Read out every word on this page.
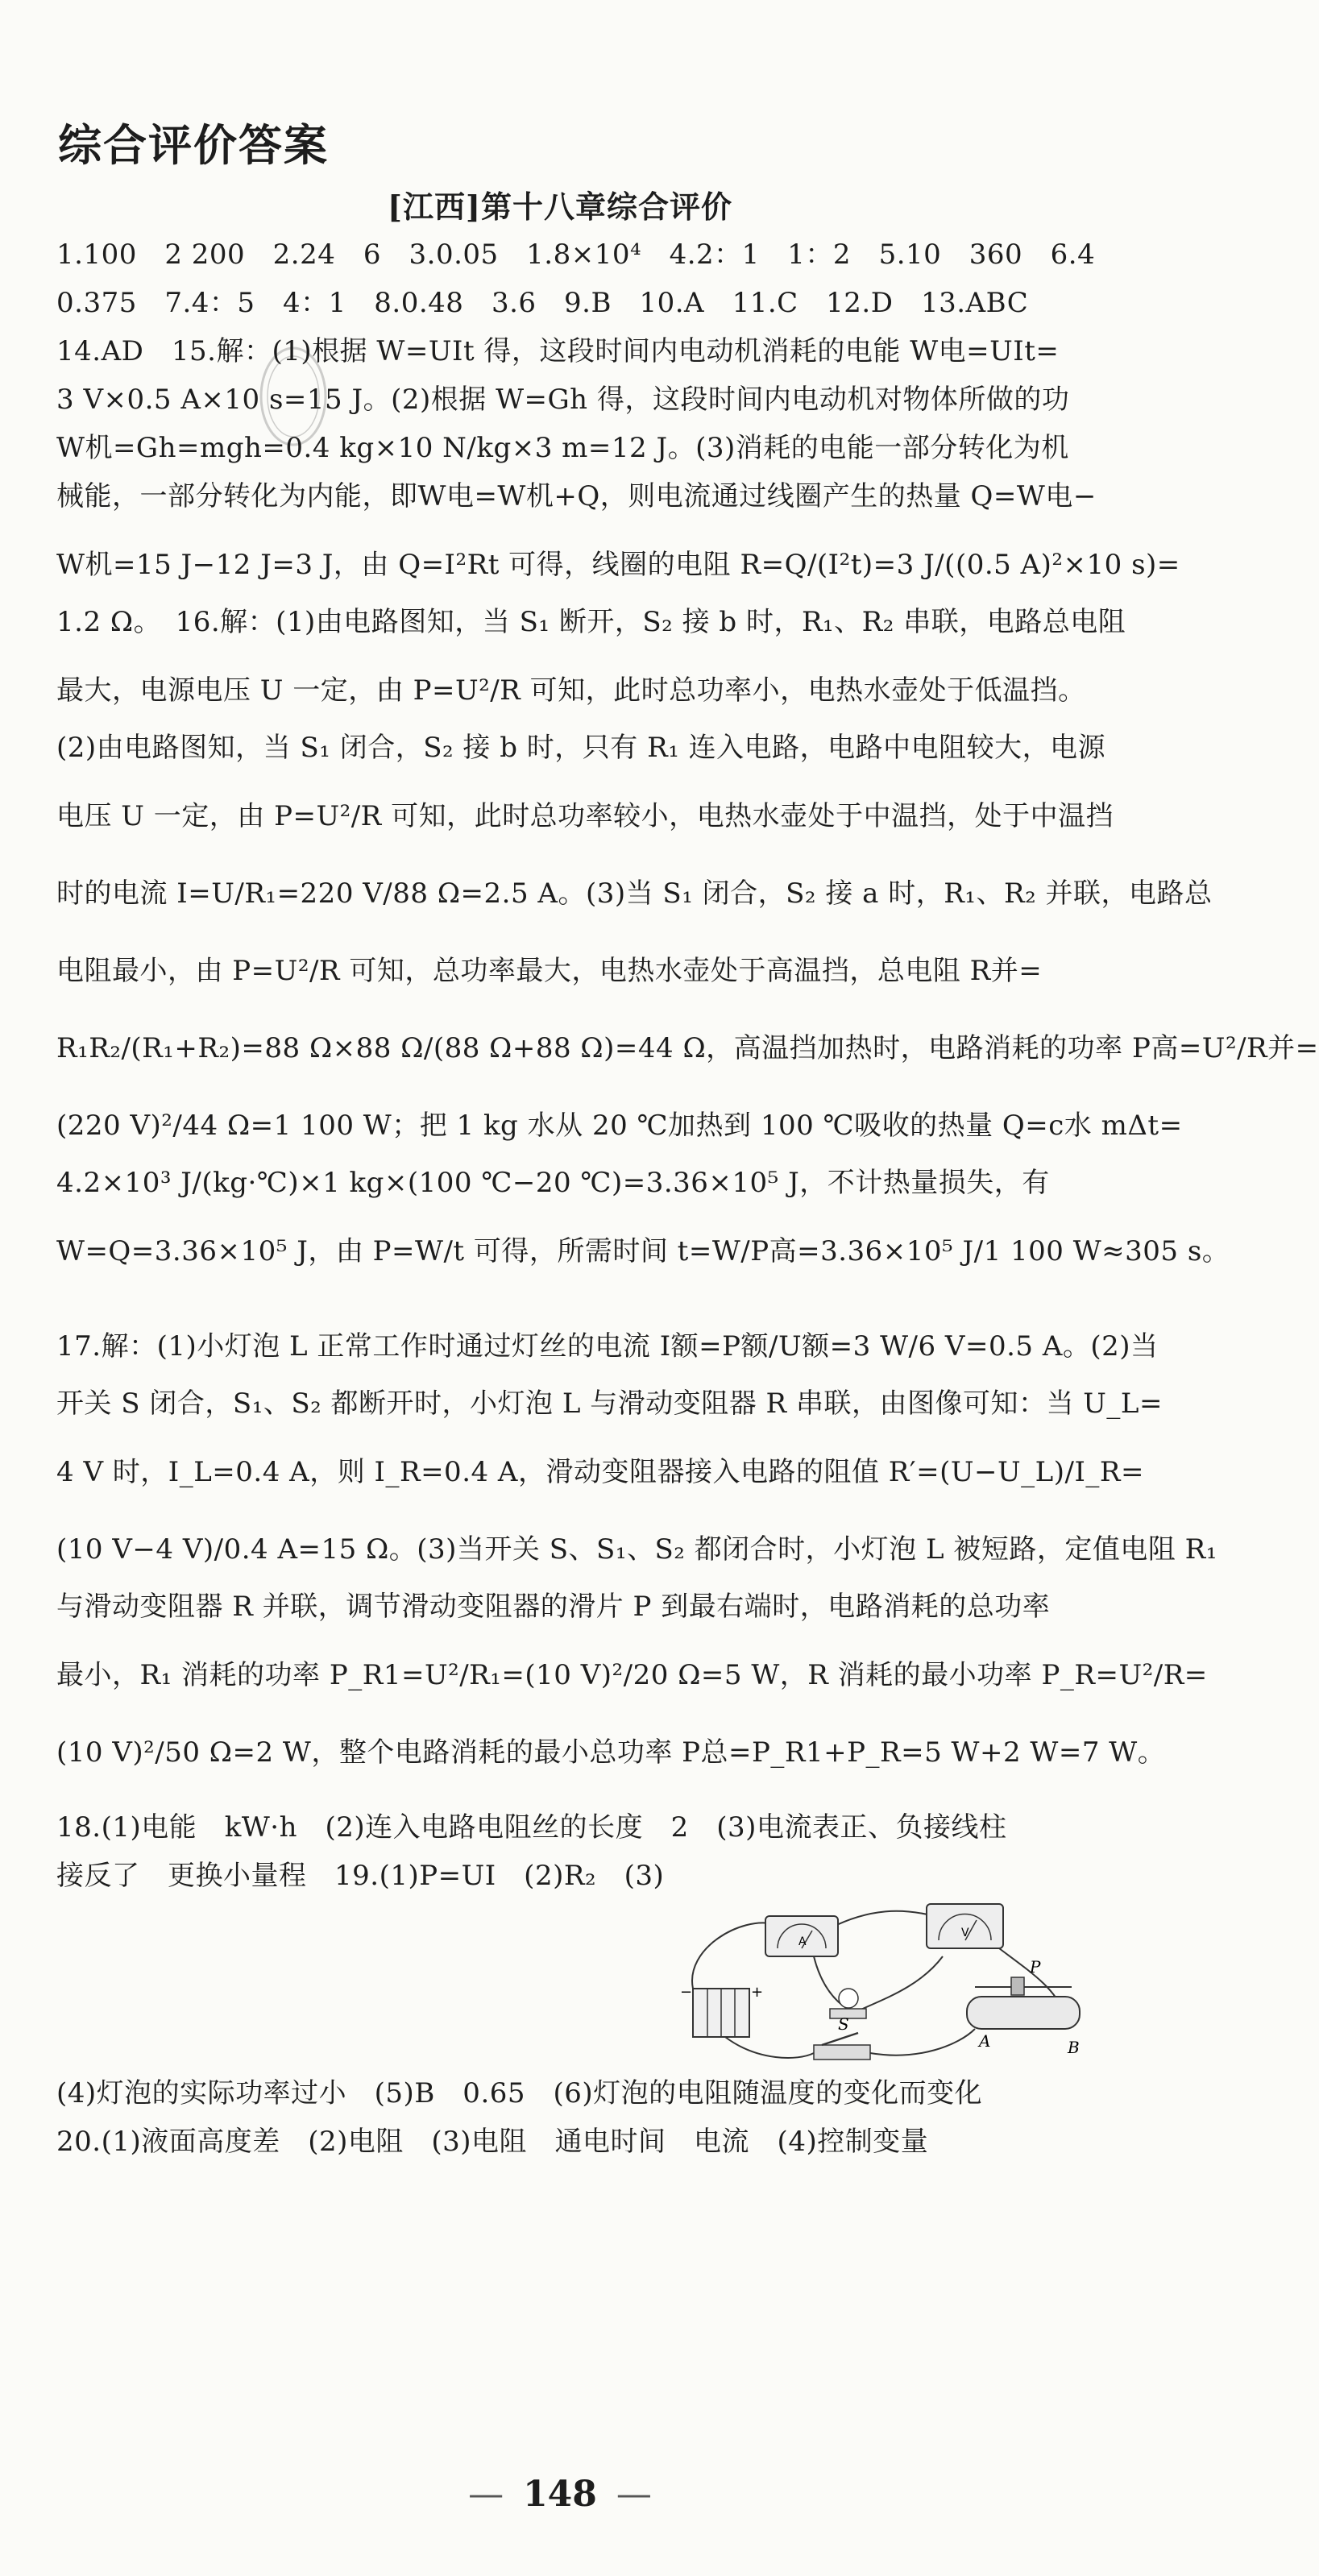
综合评价答案
[江西]第十八章综合评价
1.100　2 200　2.24　6　3.0.05　1.8×10⁴　4.2：1　1：2　5.10　360　6.4
0.375　7.4：5　4：1　8.0.48　3.6　9.B　10.A　11.C　12.D　13.ABC
14.AD　15.解：(1)根据 W=UIt 得，这段时间内电动机消耗的电能 W电=UIt=
3 V×0.5 A×10 s=15 J。(2)根据 W=Gh 得，这段时间内电动机对物体所做的功
W机=Gh=mgh=0.4 kg×10 N/kg×3 m=12 J。(3)消耗的电能一部分转化为机
械能，一部分转化为内能，即W电=W机+Q，则电流通过线圈产生的热量 Q=W电−
W机=15 J−12 J=3 J，由 Q=I²Rt 可得，线圈的电阻 R=Q/(I²t)=3 J/((0.5 A)²×10 s)=
1.2 Ω。　16.解：(1)由电路图知，当 S₁ 断开，S₂ 接 b 时，R₁、R₂ 串联，电路总电阻
最大，电源电压 U 一定，由 P=U²/R 可知，此时总功率小，电热水壶处于低温挡。
(2)由电路图知，当 S₁ 闭合，S₂ 接 b 时，只有 R₁ 连入电路，电路中电阻较大，电源
电压 U 一定，由 P=U²/R 可知，此时总功率较小，电热水壶处于中温挡，处于中温挡
时的电流 I=U/R₁=220 V/88 Ω=2.5 A。(3)当 S₁ 闭合，S₂ 接 a 时，R₁、R₂ 并联，电路总
电阻最小，由 P=U²/R 可知，总功率最大，电热水壶处于高温挡，总电阻 R并=
R₁R₂/(R₁+R₂)=88 Ω×88 Ω/(88 Ω+88 Ω)=44 Ω，高温挡加热时，电路消耗的功率 P高=U²/R并=
(220 V)²/44 Ω=1 100 W；把 1 kg 水从 20 ℃加热到 100 ℃吸收的热量 Q=c水 mΔt=
4.2×10³ J/(kg·℃)×1 kg×(100 ℃−20 ℃)=3.36×10⁵ J，不计热量损失，有
W=Q=3.36×10⁵ J，由 P=W/t 可得，所需时间 t=W/P高=3.36×10⁵ J/1 100 W≈305 s。
17.解：(1)小灯泡 L 正常工作时通过灯丝的电流 I额=P额/U额=3 W/6 V=0.5 A。(2)当
开关 S 闭合，S₁、S₂ 都断开时，小灯泡 L 与滑动变阻器 R 串联，由图像可知：当 U_L=
4 V 时，I_L=0.4 A，则 I_R=0.4 A，滑动变阻器接入电路的阻值 R′=(U−U_L)/I_R=
(10 V−4 V)/0.4 A=15 Ω。(3)当开关 S、S₁、S₂ 都闭合时，小灯泡 L 被短路，定值电阻 R₁
与滑动变阻器 R 并联，调节滑动变阻器的滑片 P 到最右端时，电路消耗的总功率
最小，R₁ 消耗的功率 P_R1=U²/R₁=(10 V)²/20 Ω=5 W，R 消耗的最小功率 P_R=U²/R=
(10 V)²/50 Ω=2 W，整个电路消耗的最小总功率 P总=P_R1+P_R=5 W+2 W=7 W。
18.(1)电能　kW·h　(2)连入电路电阻丝的长度　2　(3)电流表正、负接线柱
接反了　更换小量程　19.(1)P=UI　(2)R₂　(3)
A
V
−	+
S
P
A	B
(4)灯泡的实际功率过小　(5)B　0.65　(6)灯泡的电阻随温度的变化而变化
20.(1)液面高度差　(2)电阻　(3)电阻　通电时间　电流　(4)控制变量
— 148 —
